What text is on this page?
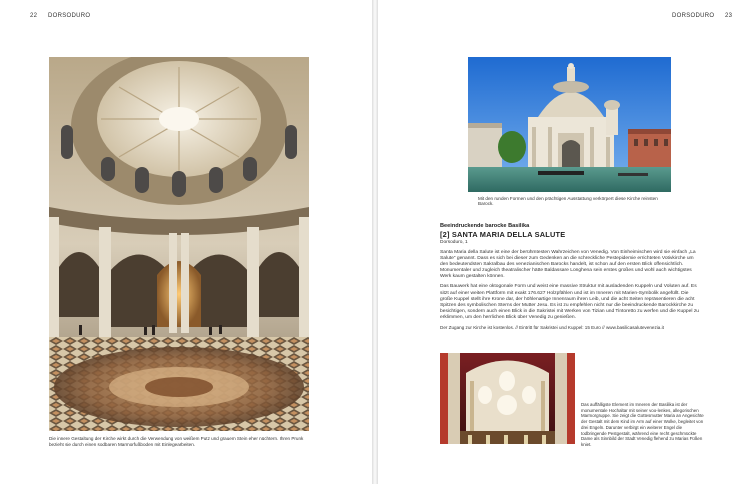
22 DORSODURO	DORSODURO 23
Die innere Gestaltung der Kirche wirkt durch die Verwendung von weißem Putz und grauem Stein eher nüchtern. Ihren Prunk bezieht sie durch einen sodbaren Marmorfußboden mit Einlegearbeiten.
Mit den runden Formen und den prächtigen Ausstattung verkörpert diese Kirche reinsten Barock.
Beeindruckende barocke Basilika
[2] SANTA MARIA DELLA SALUTE
Dorsoduro, 1

Santa Maria della Salute ist eine der berühmtesten Wahrzeichen von Venedig. Von Einheimischen wird sie einfach „La Salute“ genannt. Dass es sich bei dieser zum Gedenken an die schreckliche Pestepidemie errichteten Votivkirche um den bedeutendsten Sakralbau des venezianischen Barocks handelt, ist schon auf den ersten Blick offensichtlich. Monumentaler und zugleich theatralischer hätte Baldassare Longhena sein erstes großes und wohl auch wichtigstes Werk kaum gestalten können.

Das Bauwerk hat eine oktogonale Form und weist eine massive Struktur mit ausladenden Kuppeln und Voluten auf. Es sitzt auf einer weiten Plattform mit exakt 176.627 Holzpfählen und ist im Inneren mit Marien-Symbolik angefüllt. Die große Kuppel stellt ihre Krone dar, der höhlenartige Innenraum ihren Leib, und die acht Seiten repräsentieren die acht Spitzen des symbolischen Sterns der Mutter Jesu. Es ist zu empfehlen nicht nur die beeindruckende Barockkirche zu besichtigen, sondern auch einen Blick in die Sakristei mit Werken von Tizian und Tintoretto zu werfen und die Kuppel zu erklimmen, um den herrlichen Blick über Venedig zu genießen.

Der Zugang zur Kirche ist kostenlos. // Eintritt für Sakristei und Kuppel: 15 Euro // www.basilicasalutevenezia.it

Das auffälligste Element im Inneren der Basilika ist der monumentale Hochaltar mit seiner voo-lenkes, allegorischen Marmorgruppe. Sie zeigt die Gottesmutter Maria an Angesichte der Gestalt mit dem Kind im Arm auf einer Wolke, begleitet von drei Engeln. Darunter verbirgt ein weiterer Engel die todbringende Pestgestalt, während eine recht geschmückte Dame als Sinnbild der Stadt Venedig flehend zu Marias Füßen kniet.
